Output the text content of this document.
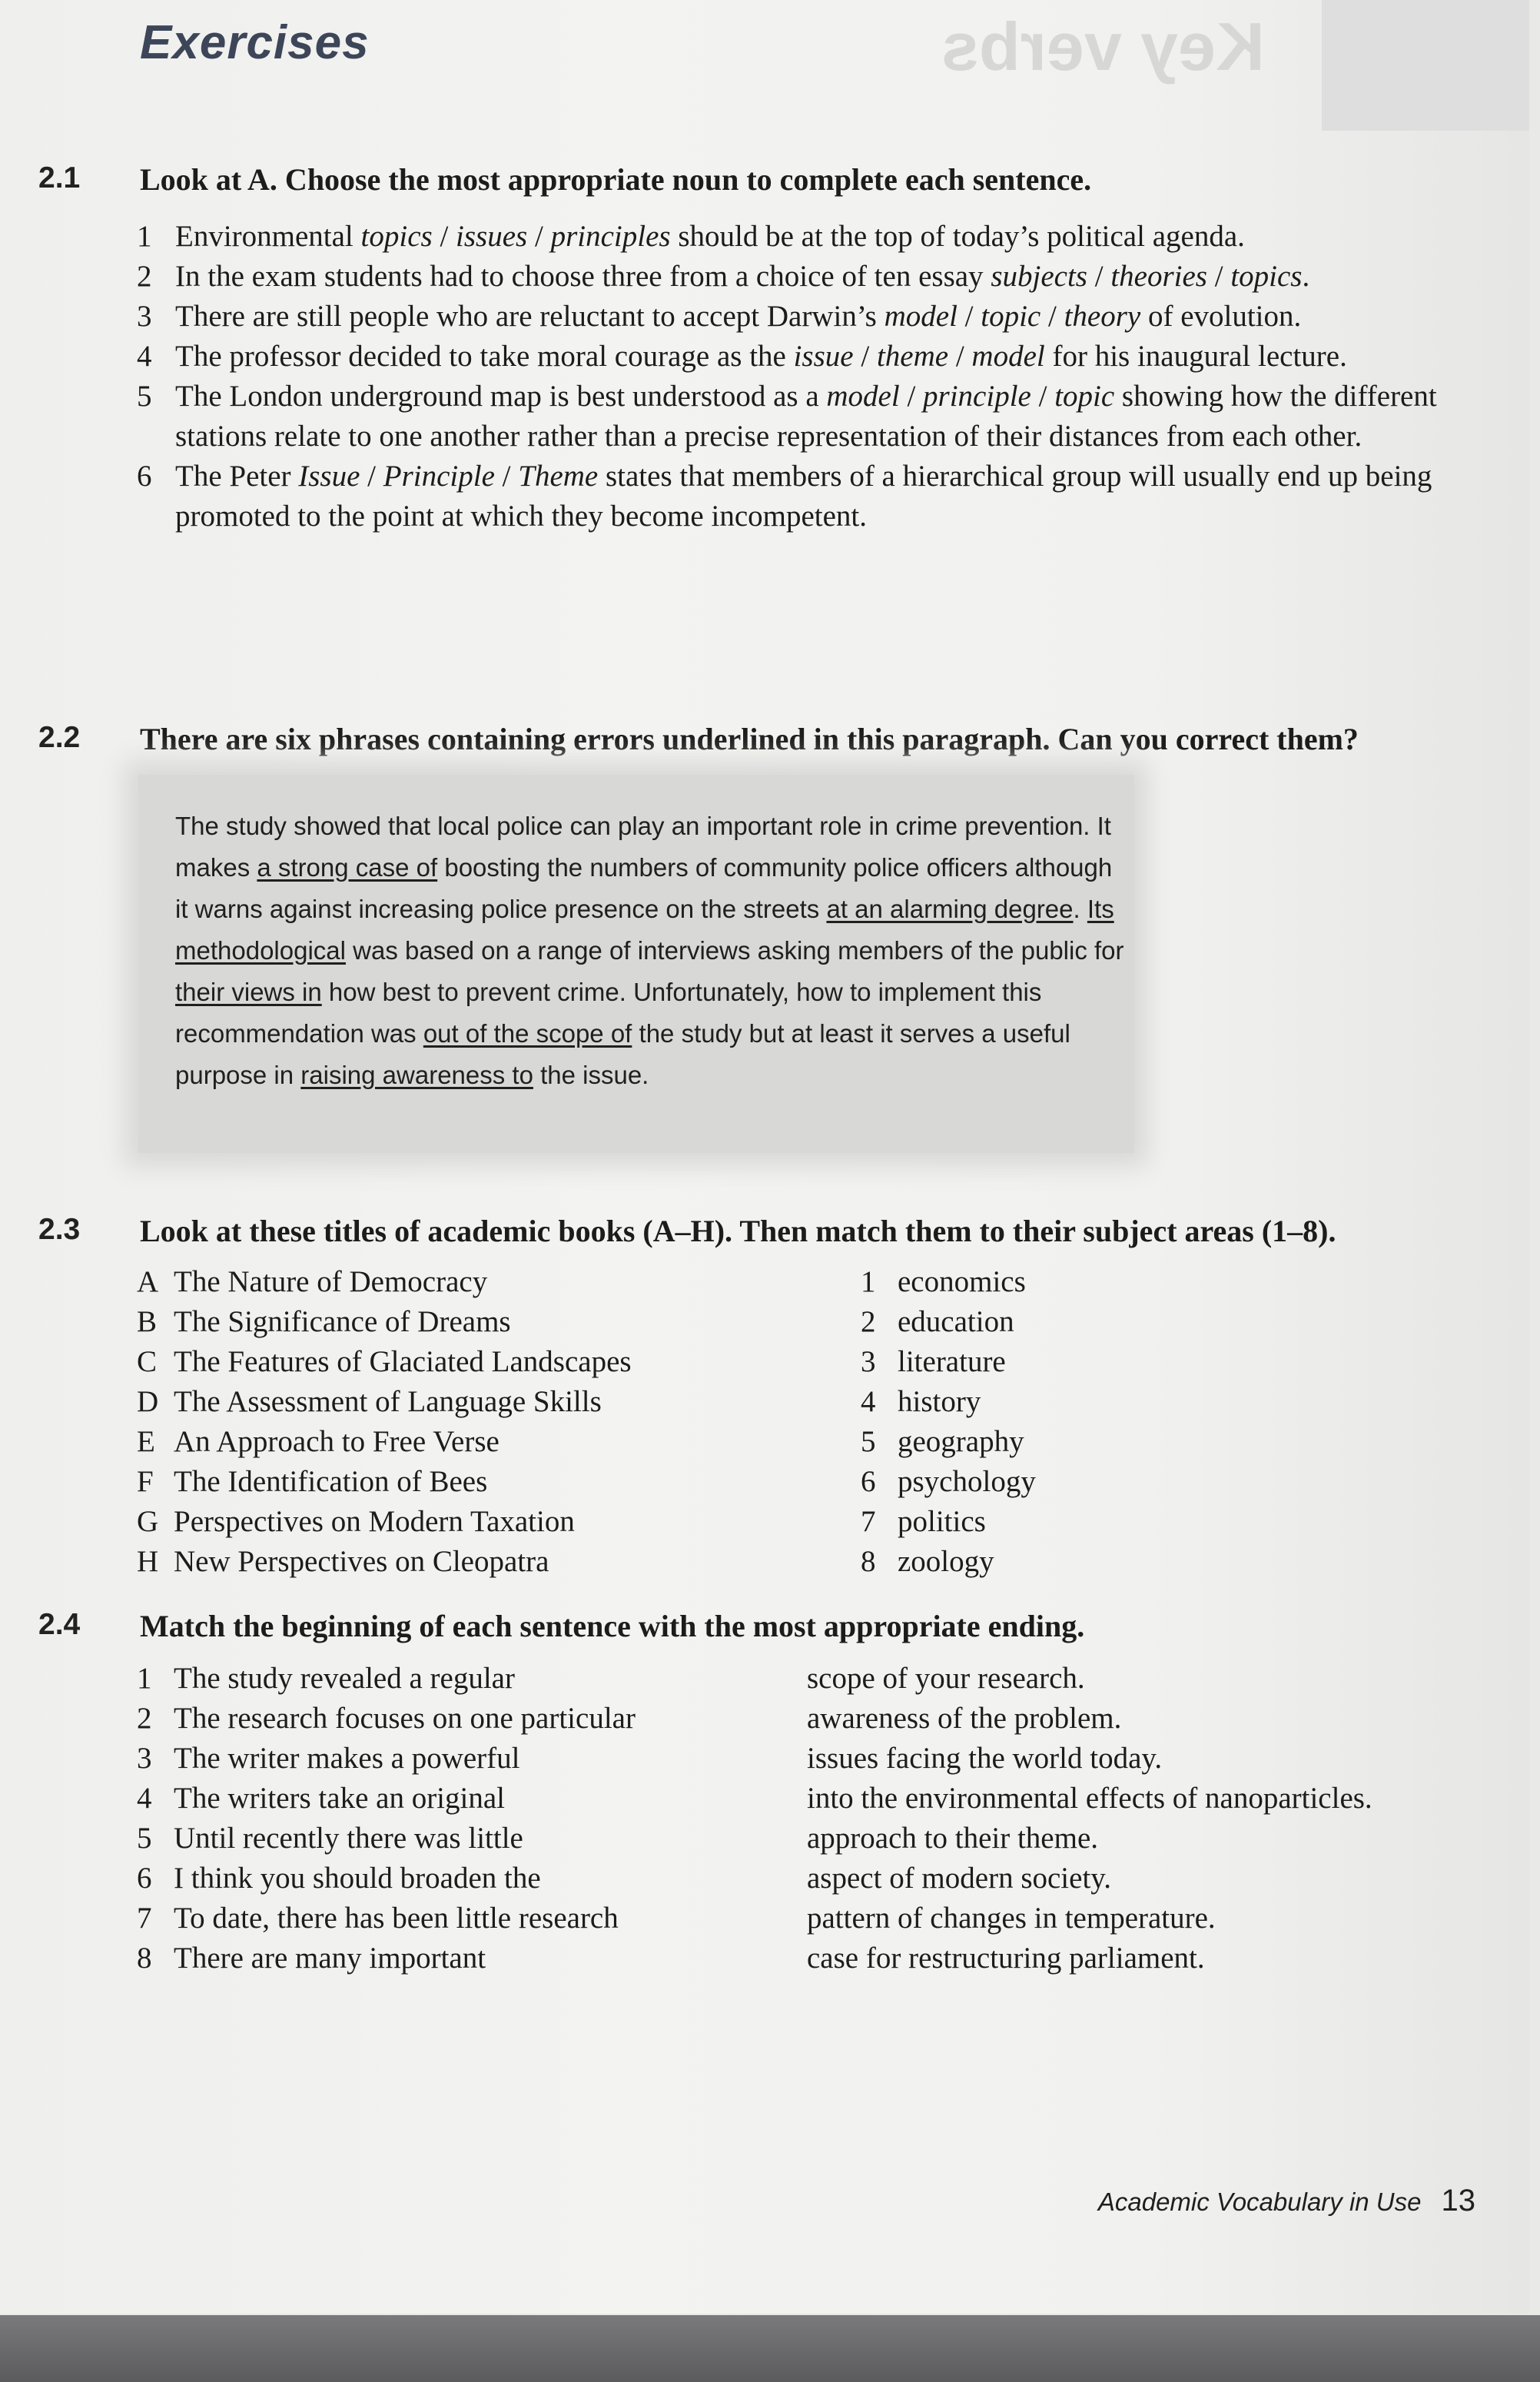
Key verbs
Exercises
2.1 Look at A. Choose the most appropriate noun to complete each sentence.

1 Environmental topics / issues / principles should be at the top of today’s political agenda.
2 In the exam students had to choose three from a choice of ten essay subjects / theories / topics.
3 There are still people who are reluctant to accept Darwin’s model / topic / theory of evolution.
4 The professor decided to take moral courage as the issue / theme / model for his inaugural lecture.
5 The London underground map is best understood as a model / principle / topic showing how the different stations relate to one another rather than a precise representation of their distances from each other.
6 The Peter Issue / Principle / Theme states that members of a hierarchical group will usually end up being promoted to the point at which they become incompetent.
2.2 There are six phrases containing errors underlined in this paragraph. Can you correct them?

The study showed that local police can play an important role in crime prevention. It makes a strong case of boosting the numbers of community police officers although it warns against increasing police presence on the streets at an alarming degree. Its methodological was based on a range of interviews asking members of the public for their views in how best to prevent crime. Unfortunately, how to implement this recommendation was out of the scope of the study but at least it serves a useful purpose in raising awareness to the issue.

2.3 Look at these titles of academic books (A–H). Then match them to their subject areas (1–8).

A The Nature of Democracy
B The Significance of Dreams
C The Features of Glaciated Landscapes
D The Assessment of Language Skills
E An Approach to Free Verse
F The Identification of Bees
G Perspectives on Modern Taxation
H New Perspectives on Cleopatra
1 economics
2 education
3 literature
4 history
5 geography
6 psychology
7 politics
8 zoology
2.4 Match the beginning of each sentence with the most appropriate ending.

1 The study revealed a regular
2 The research focuses on one particular
3 The writer makes a powerful
4 The writers take an original
5 Until recently there was little
6 I think you should broaden the
7 To date, there has been little research
8 There are many important
scope of your research.
awareness of the problem.
issues facing the world today.
into the environmental effects of nanoparticles.
approach to their theme.
aspect of modern society.
pattern of changes in temperature.
case for restructuring parliament.
Academic Vocabulary in Use 13
